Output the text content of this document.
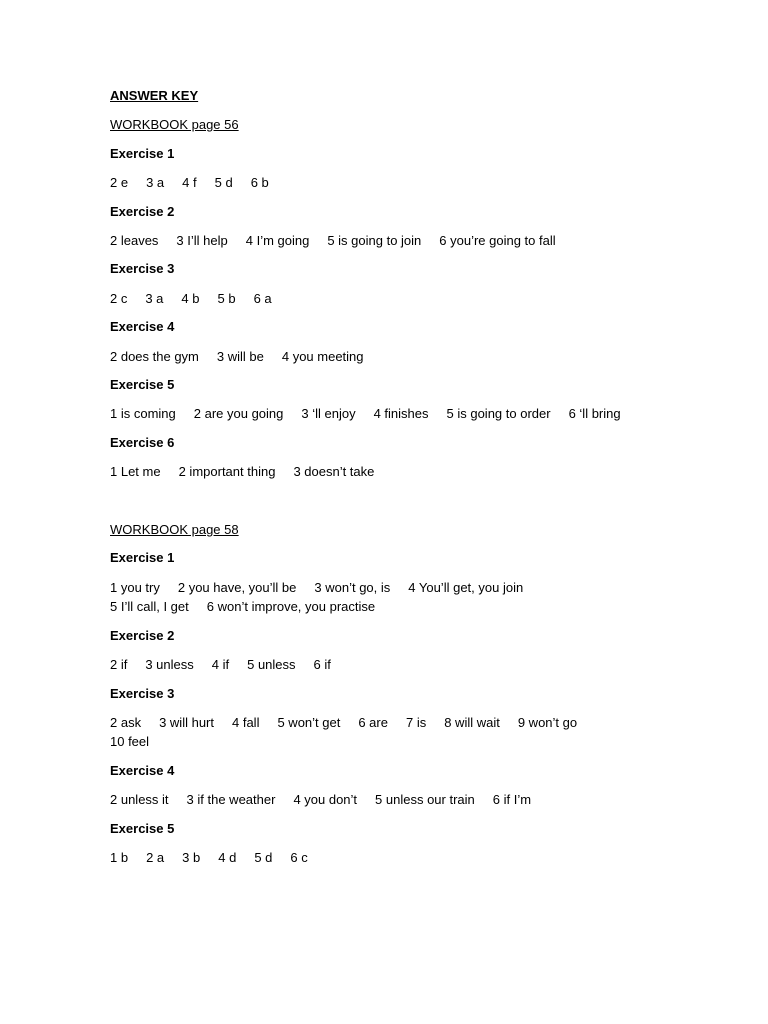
ANSWER KEY
WORKBOOK page 56
Exercise 1
2 e 3 a 4 f 5 d 6 b
Exercise 2
2 leaves 3 I’ll help 4 I’m going 5 is going to join 6 you’re going to fall
Exercise 3
2 c 3 a 4 b 5 b 6 a
Exercise 4
2 does the gym 3 will be 4 you meeting
Exercise 5
1 is coming 2 are you going 3 ‘ll enjoy 4 finishes 5 is going to order 6 ‘ll bring
Exercise 6
1 Let me 2 important thing 3 doesn’t take
WORKBOOK page 58
Exercise 1
1 you try 2 you have, you’ll be 3 won’t go, is 4 You’ll get, you join
5 I’ll call, I get 6 won’t improve, you practise
Exercise 2
2 if 3 unless 4 if 5 unless 6 if
Exercise 3
2 ask 3 will hurt 4 fall 5 won’t get 6 are 7 is 8 will wait 9 won’t go
10 feel
Exercise 4
2 unless it 3 if the weather 4 you don’t 5 unless our train 6 if I’m
Exercise 5
1 b 2 a 3 b 4 d 5 d 6 c
